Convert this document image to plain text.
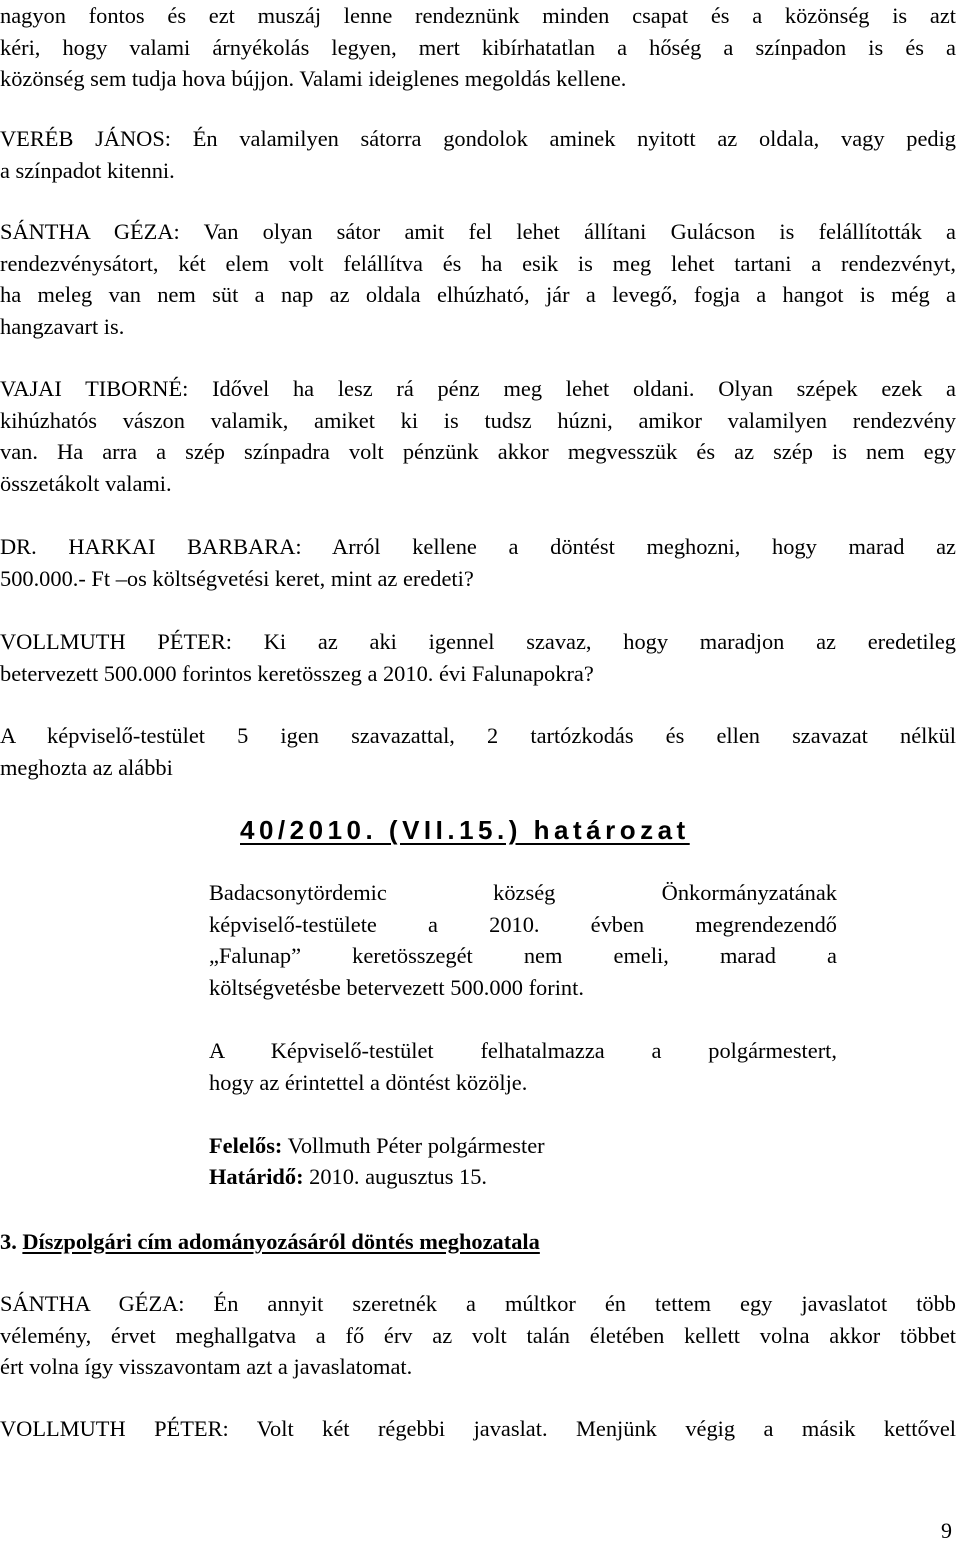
nagyon fontos és ezt muszáj lenne rendeznünk minden csapat és a közönség is azt
kéri, hogy valami árnyékolás legyen, mert kibírhatatlan a hőség a színpadon is és a
közönség sem tudja hova bújjon. Valami ideiglenes megoldás kellene.

VERÉB JÁNOS: Én valamilyen sátorra gondolok aminek nyitott az oldala, vagy pedig
a színpadot kitenni.

SÁNTHA GÉZA: Van olyan sátor amit fel lehet állítani Gulácson is felállították a
rendezvénysátort, két elem volt felállítva és ha esik is meg lehet tartani a rendezvényt,
ha meleg van nem süt a nap az oldala elhúzható, jár a levegő, fogja a hangot is még a
hangzavart is.

VAJAI TIBORNÉ: Idővel ha lesz rá pénz meg lehet oldani. Olyan szépek ezek a
kihúzhatós vászon valamik, amiket ki is tudsz húzni, amikor valamilyen rendezvény
van. Ha arra a szép színpadra volt pénzünk akkor megvesszük és az szép is nem egy
összetákolt valami.

DR. HARKAI BARBARA: Arról kellene a döntést meghozni, hogy marad az
500.000.- Ft –os költségvetési keret, mint az eredeti?

VOLLMUTH PÉTER: Ki az aki igennel szavaz, hogy maradjon az eredetileg
betervezett 500.000 forintos keretösszeg a 2010. évi Falunapokra?

A képviselő-testület 5 igen szavazattal, 2 tartózkodás és ellen szavazat nélkül
meghozta az alábbi

40/2010. (VII.15.) határozat

Badacsonytördemic község Önkormányzatának
képviselő-testülete a 2010. évben megrendezendő
„Falunap” keretösszegét nem emeli, marad a
költségvetésbe betervezett 500.000 forint.

A Képviselő-testület felhatalmazza a polgármestert,
hogy az érintettel a döntést közölje.

Felelős: Vollmuth Péter polgármester

Határidő: 2010. augusztus 15.

3. Díszpolgári cím adományozásáról döntés meghozatala

SÁNTHA GÉZA: Én annyit szeretnék a múltkor én tettem egy javaslatot több
vélemény, érvet meghallgatva a fő érv az volt talán életében kellett volna akkor többet
ért volna így visszavontam azt a javaslatomat.

VOLLMUTH PÉTER: Volt két régebbi javaslat. Menjünk végig a másik kettővel

9
